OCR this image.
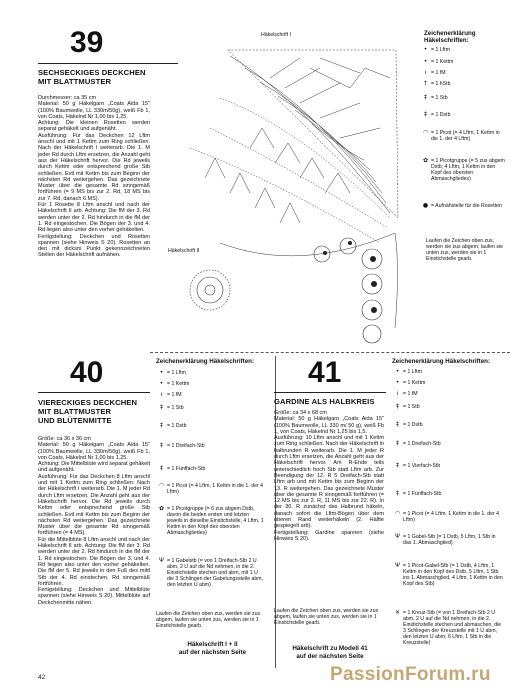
39
SECHSECKIGES DECKCHEN
MIT BLATTMUSTER

Durchmesser: ca 35 cm

Material: 50 g Häkelgarn „Coats Aida 15" (100% Baumwolle, LL 330m/50g), weiß Fb 1, von Coats, Häkelnd Nr 1,00 bis 1,25.

Achtung: Die kleinen Rosetten werden separat gehäkelt und aufgenäht.

Ausführung: Für das Deckchen 12 Lftm anschl und mit 1 Kettm zum Ring schließen. Nach der Häkelschrift I weiterarb. Die 1. M jeder Rd durch Lftm ersetzen, die Anzahl geht aus der Häkelschrift hervor. Die Rd jeweils durch Kettm oder entsprechend große Stb schließen. Evtl mit Kettm bis zum Beginn der nächsten Rd weitergehen. Das gezeichnete Muster über die gesamte Rd sinngemäß fortführen (= 9 MS bis zur 2. Rd, 18 MS bis zur 7. Rd, danach 6 MS).

Für 1 Rosette 8 Lftm anschl und nach der Häkelschrift II arb. Achtung: Die fM der 3. Rd werden unter der 2. Rd hindurch in die fM der 1. Rd eingestochen. Die Bögen der 3. und 4. Rd liegen also unter den vorher gehäkelten.

Fertigstellung: Deckchen und Rosetten spannen (siehe Hinweis S 20). Rosetten an den mit dicksm Punkt gekennzeichneten Stellen der Häkelschrift aufnähen.

Häkelschrift I
Häkelschrift II
Zeichenerklärung
Häkelschriften:
• = 1 Lftm
• = 1 Kettm
ı = 1 fM
† = 1 hStb
‡ = 1 Stb
‡ = 1 Dstb
◠ = 1 Picot (= 4 Lftm, 1 Kettm in die 1. der 4 Lftm)
✿ = 1 Picotgruppe (= 5 zus abgem Dstb, 4 Lftm, 1 Kettm in den Kopf des obersten Abmaschgliedes)
● = Aufnähstelle für die Rosetten
Laufen die Zeichen oben zus, werden sie zus abgem, laufen sie unten zus, werden sie in 1 Einstichstelle gearb.
40
VIERECKIGES DECKCHEN
MIT BLATTMUSTER
UND BLÜTENMITTE

Größe: ca 36 x 36 cm

Material: 50 g Häkelgarn „Coats Aida 15" (100% Baumwolle, LL 330m/50g), weiß Fb 1, von Coats, Häkelnd Nr 1,00 bis 1,25.

Achtung: Die Mittelblüte wird separat gehäkelt und aufgenäht.

Ausführung: Für das Deckchen 8 Lftm anschl und mit 1 Kettm zum Ring schließen. Nach der Häkelschrift I weiterarb. Die 1. M jeder Rd durch Lftm ersetzen. Die Anzahl geht aus der Häkelschrift hervor. Die Rd jeweils durch Kettm oder entsprechend große Stb schließen. Evtl mit Kettm bis zum Beginn der nächsten Rd weitergehen. Das gezeichnete Muster über die gesamte Rd sinngemäß fortführen (= 4 MS).

Für die Mittelblüte 8 Lftm anschl und nach der Häkelschrift II arb. Achtung: Die fM der 3. Rd werden unter der 2. Rd hindurch in die fM der 1. Rd eingestochen. Die Bögen der 3. und 4. Rd liegen also unter den vorher gehäkelten. Die fM der 5. Rd jeweils in den Fuß des mittl Stb der 4. Rd einstechen. Rd sinngemäß fortführen.

Fertigstellung: Deckchen und Mittelblüte spannen (siehe Hinweis S 20). Mittelblüte auf Deckchenmitte nähen.

Zeichenerklärung Häkelschriften:
• = 1 Lftm
• = 1 Kettm
ı = 1 fM
‡ = 1 Stb
‡ = 1 Dstb
‡ = 1 Dreifach-Stb
‡ = 1 Fünffach-Stb
◠ = 1 Picot (= 4 Lftm, 1 Kettm in die 1. der 4 Lftm)
✿ = 1 Picotgruppe (= 6 zus abgem Dstb, davon die beiden ersten und letzten jeweils in dieselbe Einstichstelle, 4 Lftm, 1 Kettm in den Kopf des obersten Abmaschgliedes)
Ψ = 1 Gabelstb (= von 1 Dreifach-Stb 2 U abm, 2 U auf die Nd nehmen, in die 2. Einstichstelle stechen und abm, mit 1 U die 3 Schlingen der Gabelungsstelle abm, den letzten U abm)
Laufen die Zeichen oben zus, werden sie zus abgem, laufen sie unten zus, werden sie in 1 Einstichstelle gearb.
Häkelschrift I + II
auf der nächsten Seite
41
GARDINE ALS HALBKREIS

Größe: ca 34 x 68 cm

Material: 50 g Häkelgarn „Coats Aida 15" (100% Baumwolle, LL 330 m/ 50 g), weiß Fb 1, von Coats, Häkelnd Nr 1,25 bis 1,5.

Ausführung: 10 Lftm anschl und mit 1 Kettm zum Ring schließen. Nach der Häkelschrift in halbrunden R weiterarb. Die 1. M jeder R durch Lftm ersetzen, die Anzahl geht aus der Häkelschrift hervor. Am R-Ende teils unterschiedlich hoch Stb statt Lftm arb. Zur Beendigung der 12. R 5 Dreifach-Stb statt Lftm arb und mit Kettm bis zum Beginn der 13. R weitergehen. Das gezeichnete Muster über die gesamte R sinngemäß fortführen (= 12 MS bis zur 2. R, 11 MS bis zur 22. R). In der 30. R zunächst das Halbrund häkeln, danach sofort die Lftm-Bögen über dem oberen Rand weiterhäkeln (2. Hälfte gespiegelt arb).

Fertigstellung: Gardine spannen (siehe Hinweis S 20).

Laufen die Zeichen oben zus, werden sie zus abgem, laufen sie unten zus, werden sie in 1 Einstichstelle gearb.
Häkelschrift zu Modell 41
auf der nächsten Seite
Zeichenerklärung Häkelschriften:
• = 1 Lftm
• = 1 Kettm
ı = 1 fM
‡ = 1 Stb
‡ = 1 Dstb
‡ = 1 Dreifach-Stb
‡ = 1 Vierfach-Stb
‡ = 1 Fünffach-Stb
◠ = 1 Picot (= 4 Lftm, 1 Kettm in die 1. der 4 Lftm)
Ψ = 1 Gabel-Stb (= 1 Dstb, 5 Lftm, 1 Stb in das 1. Abmaschglied)
Ψ = 1 Picot-Gabel-Stb (= 1 Dstb, 4 Lftm, 1 Kettm in den Kopf des Dstb, 5 Lftm, 1 Stb ins 1. Abmaschglied, 4 Lftm, 1 Kettm in den Kopf des Stb)
✕ = 1 Kreuz-Stb (= von 1 Dreifach-Stb 2 U abm, 2 U auf die Nd nehmen, in die 2. Einstichstelle stechen und abmaschen, die 3 Schlingen der Kreuzstelle mit 1 U abm, den letzten U abm, 6 Lftm, 1 Stb in die Kreuzstelle)
42	PassionForum.ru
